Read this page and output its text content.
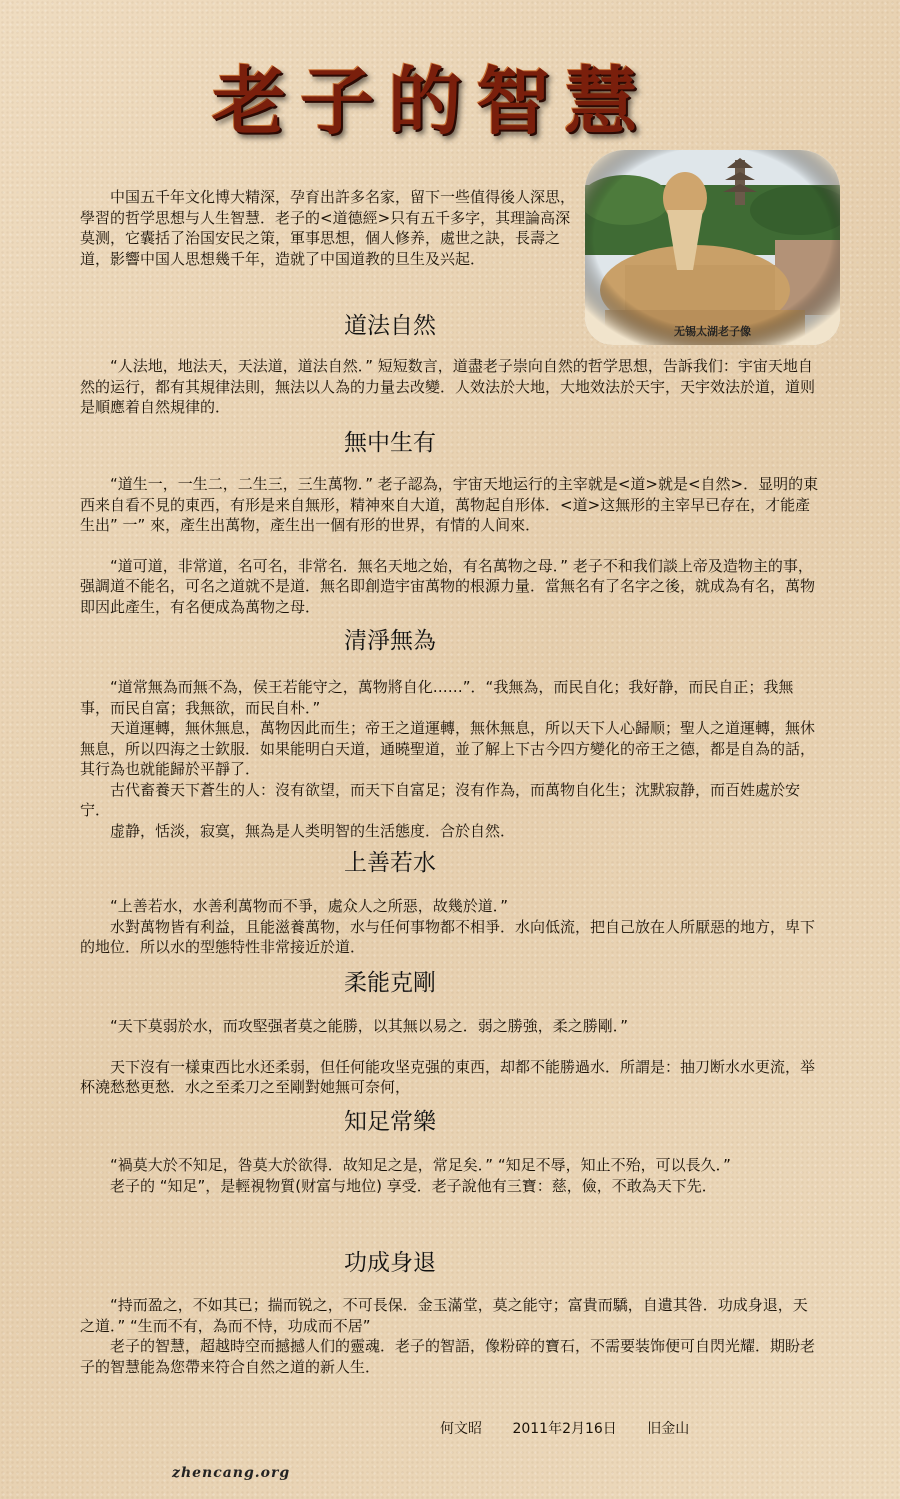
老子的智慧
无锡太湖老子像
中国五千年文化博大精深，孕育出許多名家，留下一些值得後人深思，學習的哲学思想与人生智慧．老子的<道德經>只有五千多字，其理論高深莫测，它囊括了治国安民之策，軍事思想，個人修养，處世之訣，長壽之道，影響中国人思想幾千年，造就了中国道教的旦生及兴起．
道法自然

“人法地，地法天，天法道，道法自然．” 短短数言，道盡老子崇向自然的哲学思想，告訴我们：宇宙天地自然的运行，都有其規律法則，無法以人為的力量去改變．人效法於大地，大地效法於天宇，天宇效法於道，道则是順應着自然規律的．

無中生有

“道生一，一生二，二生三，三生萬物．” 老子認為，宇宙天地运行的主宰就是<道>就是<自然>．显明的東西来自看不見的東西，有形是来自無形，精神來自大道，萬物起自形体．<道>这無形的主宰早已存在，才能產生出” 一” 來，產生出萬物，產生出一個有形的世界，有情的人间來．

“道可道，非常道，名可名，非常名．無名天地之始，有名萬物之母．” 老子不和我们談上帝及造物主的事，强調道不能名，可名之道就不是道．無名即創造宇宙萬物的根源力量．當無名有了名字之後，就成為有名，萬物即因此產生，有名便成為萬物之母．

清淨無為

“道常無為而無不為，侯王若能守之，萬物將自化……”．“我無為，而民自化；我好静，而民自正；我無事，而民自富；我無欲，而民自朴．”

天道運轉，無休無息，萬物因此而生；帝王之道運轉，無休無息，所以天下人心歸顺；聖人之道運轉，無休無息，所以四海之士欽服．如果能明白天道，通曉聖道，並了解上下古今四方變化的帝王之德，都是自為的話，其行為也就能歸於平靜了．

古代畜養天下蒼生的人：沒有欲望，而天下自富足；沒有作為，而萬物自化生；沈默寂静，而百姓處於安宁．

虚静，恬淡，寂寞，無為是人类明智的生活態度．合於自然．

上善若水

“上善若水，水善利萬物而不爭，處众人之所惡，故幾於道．”

水對萬物皆有利益，且能滋養萬物，水与任何事物都不相爭．水向低流，把自己放在人所厭惡的地方，卑下的地位．所以水的型態特性非常接近於道．

柔能克剛

“天下莫弱於水，而攻堅强者莫之能勝，以其無以易之．弱之勝強，柔之勝剛．”

天下沒有一樣東西比水还柔弱，但任何能攻坚克强的東西，却都不能勝過水．所謂是：抽刀断水水更流，举杯澆愁愁更愁．水之至柔刀之至剛對她無可奈何，

知足常樂

“禍莫大於不知足，咎莫大於欲得．故知足之是，常足矣．” “知足不辱，知止不殆，可以長久．”

老子的 “知足”，是輕視物質(财富与地位) 享受．老子說他有三寶：慈，儉，不敢為天下先．

功成身退

“持而盈之，不如其已；揣而锐之，不可長保．金玉滿堂，莫之能守；富貴而驕，自遺其咎．功成身退，天之道．” “生而不有，為而不恃，功成而不居”

老子的智慧，超越時空而撼撼人们的靈魂．老子的智語，像粉碎的寶石，不需要装饰便可自閃光耀．期盼老子的智慧能為您帶来符合自然之道的新人生．

何文昭 2011年2月16日 旧金山
zhencang.org
